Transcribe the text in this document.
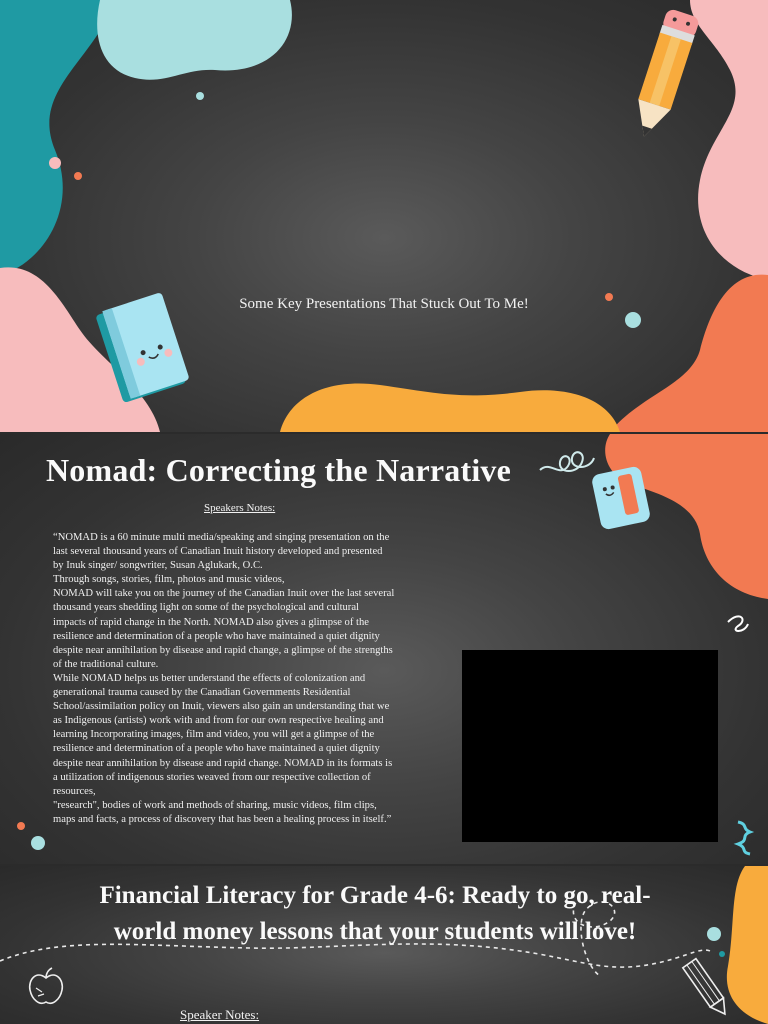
Some Key Presentations That Stuck Out To Me!
Nomad: Correcting the Narrative
Speakers Notes:

“NOMAD is a 60 minute multi media/speaking and singing presentation on the

last several thousand years of Canadian Inuit history developed and presented

by Inuk singer/ songwriter, Susan Aglukark, O.C.

Through songs, stories, film, photos and music videos,

NOMAD will take you on the journey of the Canadian Inuit over the last several

thousand years shedding light on some of the psychological and cultural

impacts of rapid change in the North. NOMAD also gives a glimpse of the

resilience and determination of a people who have maintained a quiet dignity

despite near annihilation by disease and rapid change, a glimpse of the strengths

of the traditional culture.

While NOMAD helps us better understand the effects of colonization and

generational trauma caused by the Canadian Governments Residential

School/assimilation policy on Inuit, viewers also gain an understanding that we

as Indigenous (artists) work with and from for our own respective healing and

learning Incorporating images, film and video, you will get a glimpse of the

resilience and determination of a people who have maintained a quiet dignity

despite near annihilation by disease and rapid change. NOMAD in its formats is

a utilization of indigenous stories weaved from our respective collection of

resources,

"research", bodies of work and methods of sharing, music videos, film clips,

maps and facts, a process of discovery that has been a healing process in itself.”

Financial Literacy for Grade 4-6: Ready to go, real-
world money lessons that your students will love!
Speaker Notes:
